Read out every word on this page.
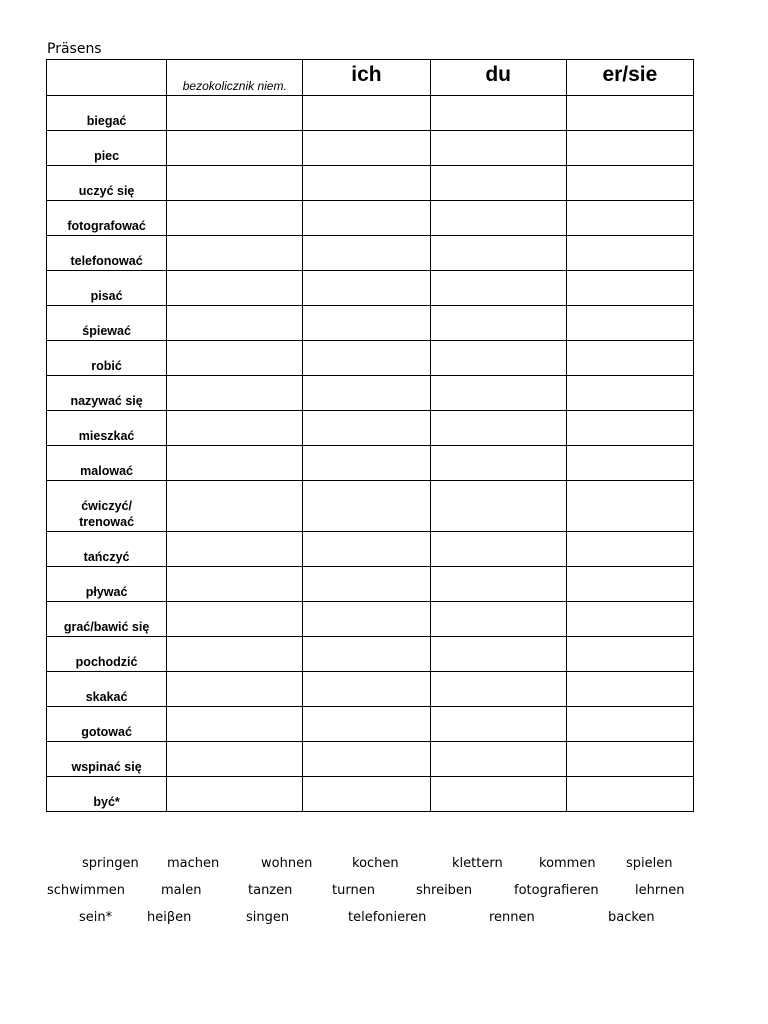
Präsens
	bezokolicznik niem.	ich	du	er/sie
biegać				
piec				
uczyć się				
fotografować				
telefonować				
pisać				
śpiewać				
robić				
nazywać się				
mieszkać				
malować				
ćwiczyć/
trenować				
tańczyć				
pływać				
grać/bawić się				
pochodzić				
skakać				
gotować				
wspinać się				
być*				
springen machen	wohnen	kochen	klettern	kommen spielen
schwimmen	malen	tanzen	turnen	shreiben	fotografieren	lehrnen
sein*	heiβen	singen	telefonieren	rennen	backen
